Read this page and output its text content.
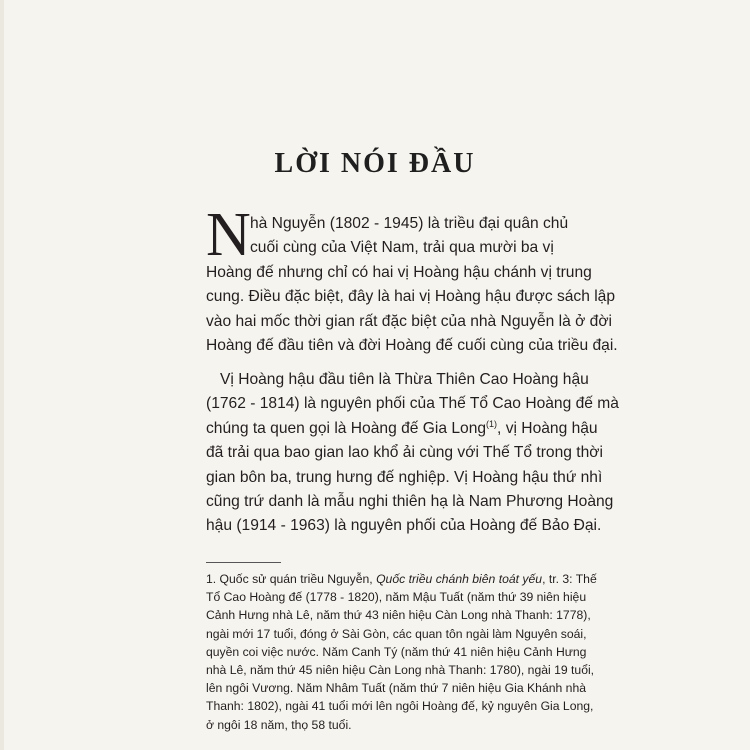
LỜI NÓI ĐẦU
N hà Nguyễn (1802 - 1945) là triều đại quân chủ
cuối cùng của Việt Nam, trải qua mười ba vị
Hoàng đế nhưng chỉ có hai vị Hoàng hậu chánh vị trung
cung. Điều đặc biệt, đây là hai vị Hoàng hậu được sách lập
vào hai mốc thời gian rất đặc biệt của nhà Nguyễn là ở đời
Hoàng đế đầu tiên và đời Hoàng đế cuối cùng của triều đại.
Vị Hoàng hậu đầu tiên là Thừa Thiên Cao Hoàng hậu
(1762 - 1814) là nguyên phối của Thế Tổ Cao Hoàng đế mà
chúng ta quen gọi là Hoàng đế Gia Long$^{(1)}$, vị Hoàng hậu
đã trải qua bao gian lao khổ ải cùng với Thế Tổ trong thời
gian bôn ba, trung hưng đế nghiệp. Vị Hoàng hậu thứ nhì
cũng trứ danh là mẫu nghi thiên hạ là Nam Phương Hoàng
hậu (1914 - 1963) là nguyên phối của Hoàng đế Bảo Đại.
1. Quốc sử quán triều Nguyễn, Quốc triều chánh biên toát yếu, tr. 3: Thế
Tổ Cao Hoàng đế (1778 - 1820), năm Mậu Tuất (năm thứ 39 niên hiệu
Cảnh Hưng nhà Lê, năm thứ 43 niên hiệu Càn Long nhà Thanh: 1778),
ngài mới 17 tuổi, đóng ở Sài Gòn, các quan tôn ngài làm Nguyên soái,
quyền coi việc nước. Năm Canh Tý (năm thứ 41 niên hiệu Cảnh Hưng
nhà Lê, năm thứ 45 niên hiệu Càn Long nhà Thanh: 1780), ngài 19 tuổi,
lên ngôi Vương. Năm Nhâm Tuất (năm thứ 7 niên hiệu Gia Khánh nhà
Thanh: 1802), ngài 41 tuổi mới lên ngôi Hoàng đế, kỷ nguyên Gia Long,
ở ngôi 18 năm, thọ 58 tuổi.
